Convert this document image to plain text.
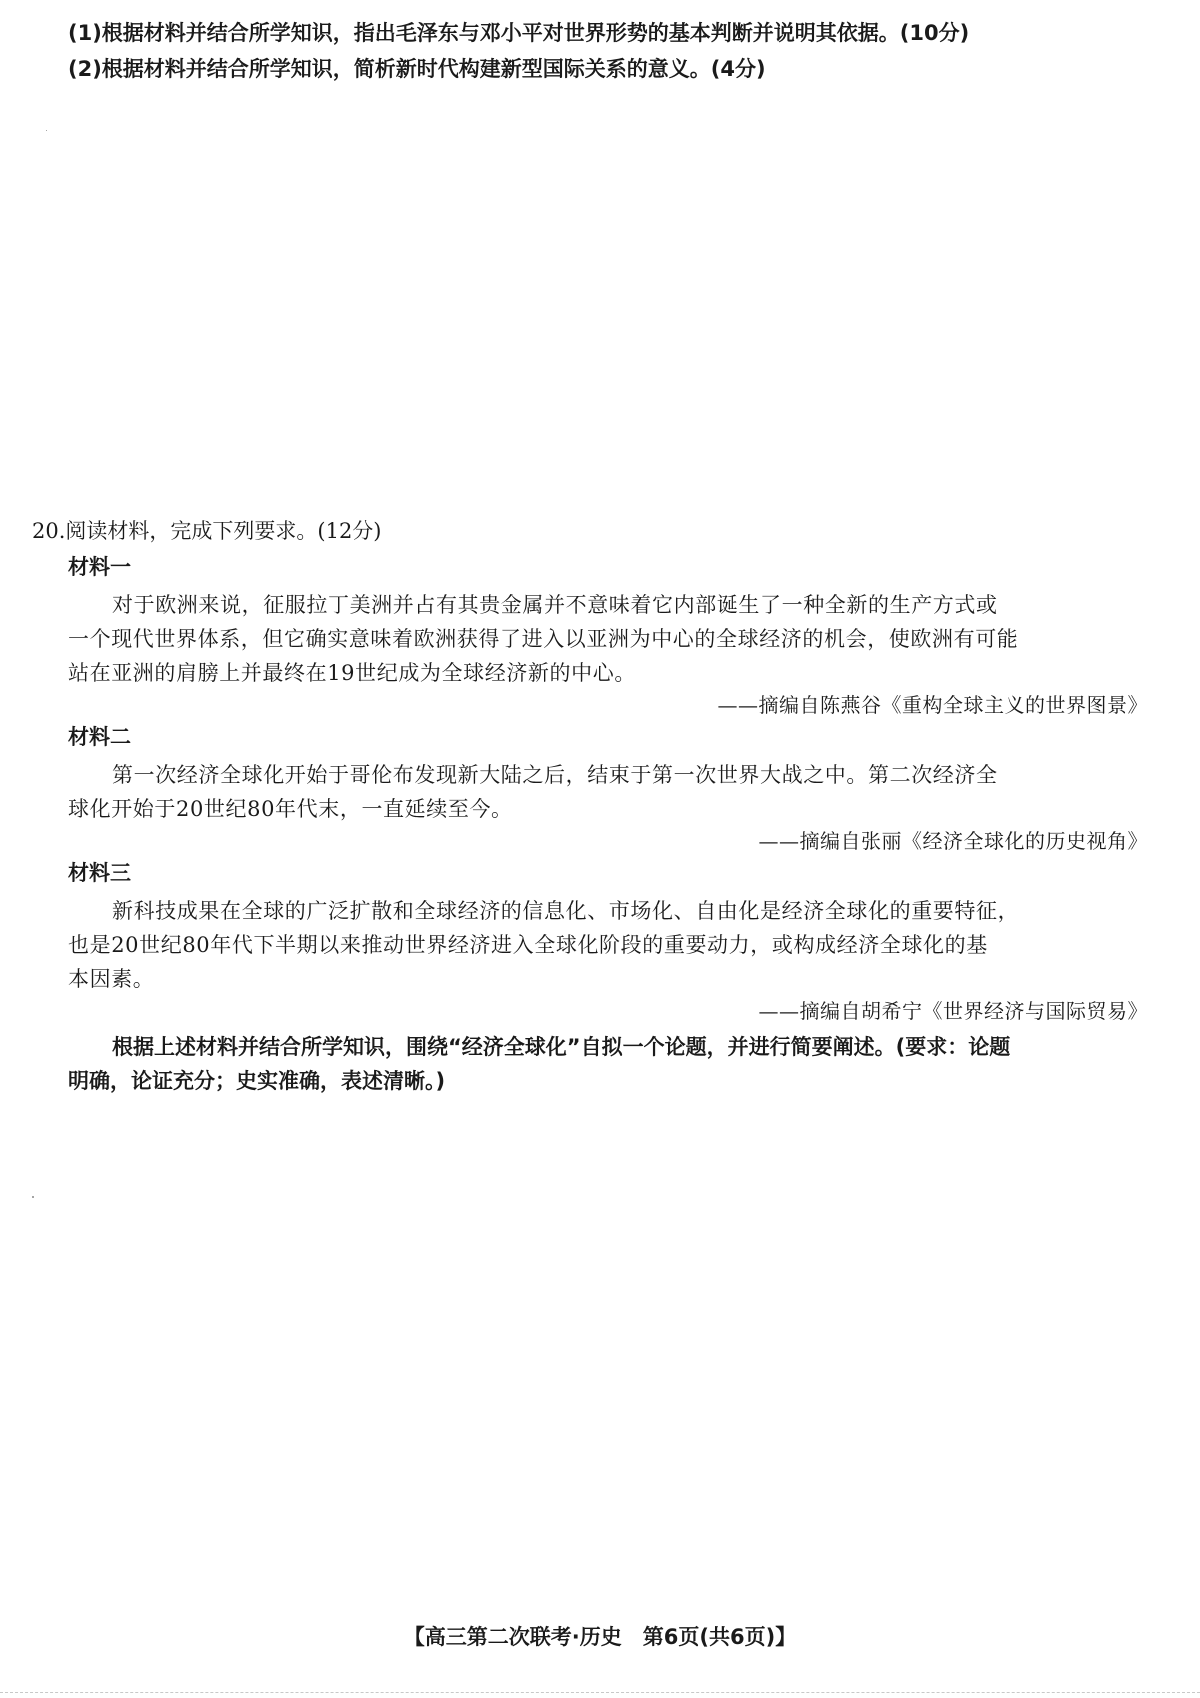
(1)根据材料并结合所学知识，指出毛泽东与邓小平对世界形势的基本判断并说明其依据。(10分)
(2)根据材料并结合所学知识，简析新时代构建新型国际关系的意义。(4分)
20.阅读材料，完成下列要求。(12分)
材料一
对于欧洲来说，征服拉丁美洲并占有其贵金属并不意味着它内部诞生了一种全新的生产方式或
一个现代世界体系，但它确实意味着欧洲获得了进入以亚洲为中心的全球经济的机会，使欧洲有可能
站在亚洲的肩膀上并最终在19世纪成为全球经济新的中心。
——摘编自陈燕谷《重构全球主义的世界图景》
材料二
第一次经济全球化开始于哥伦布发现新大陆之后，结束于第一次世界大战之中。第二次经济全
球化开始于20世纪80年代末，一直延续至今。
——摘编自张丽《经济全球化的历史视角》
材料三
新科技成果在全球的广泛扩散和全球经济的信息化、市场化、自由化是经济全球化的重要特征，
也是20世纪80年代下半期以来推动世界经济进入全球化阶段的重要动力，或构成经济全球化的基
本因素。
——摘编自胡希宁《世界经济与国际贸易》
根据上述材料并结合所学知识，围绕“经济全球化”自拟一个论题，并进行简要阐述。(要求：论题
明确，论证充分；史实准确，表述清晰。)
【高三第二次联考·历史　第6页(共6页)】
